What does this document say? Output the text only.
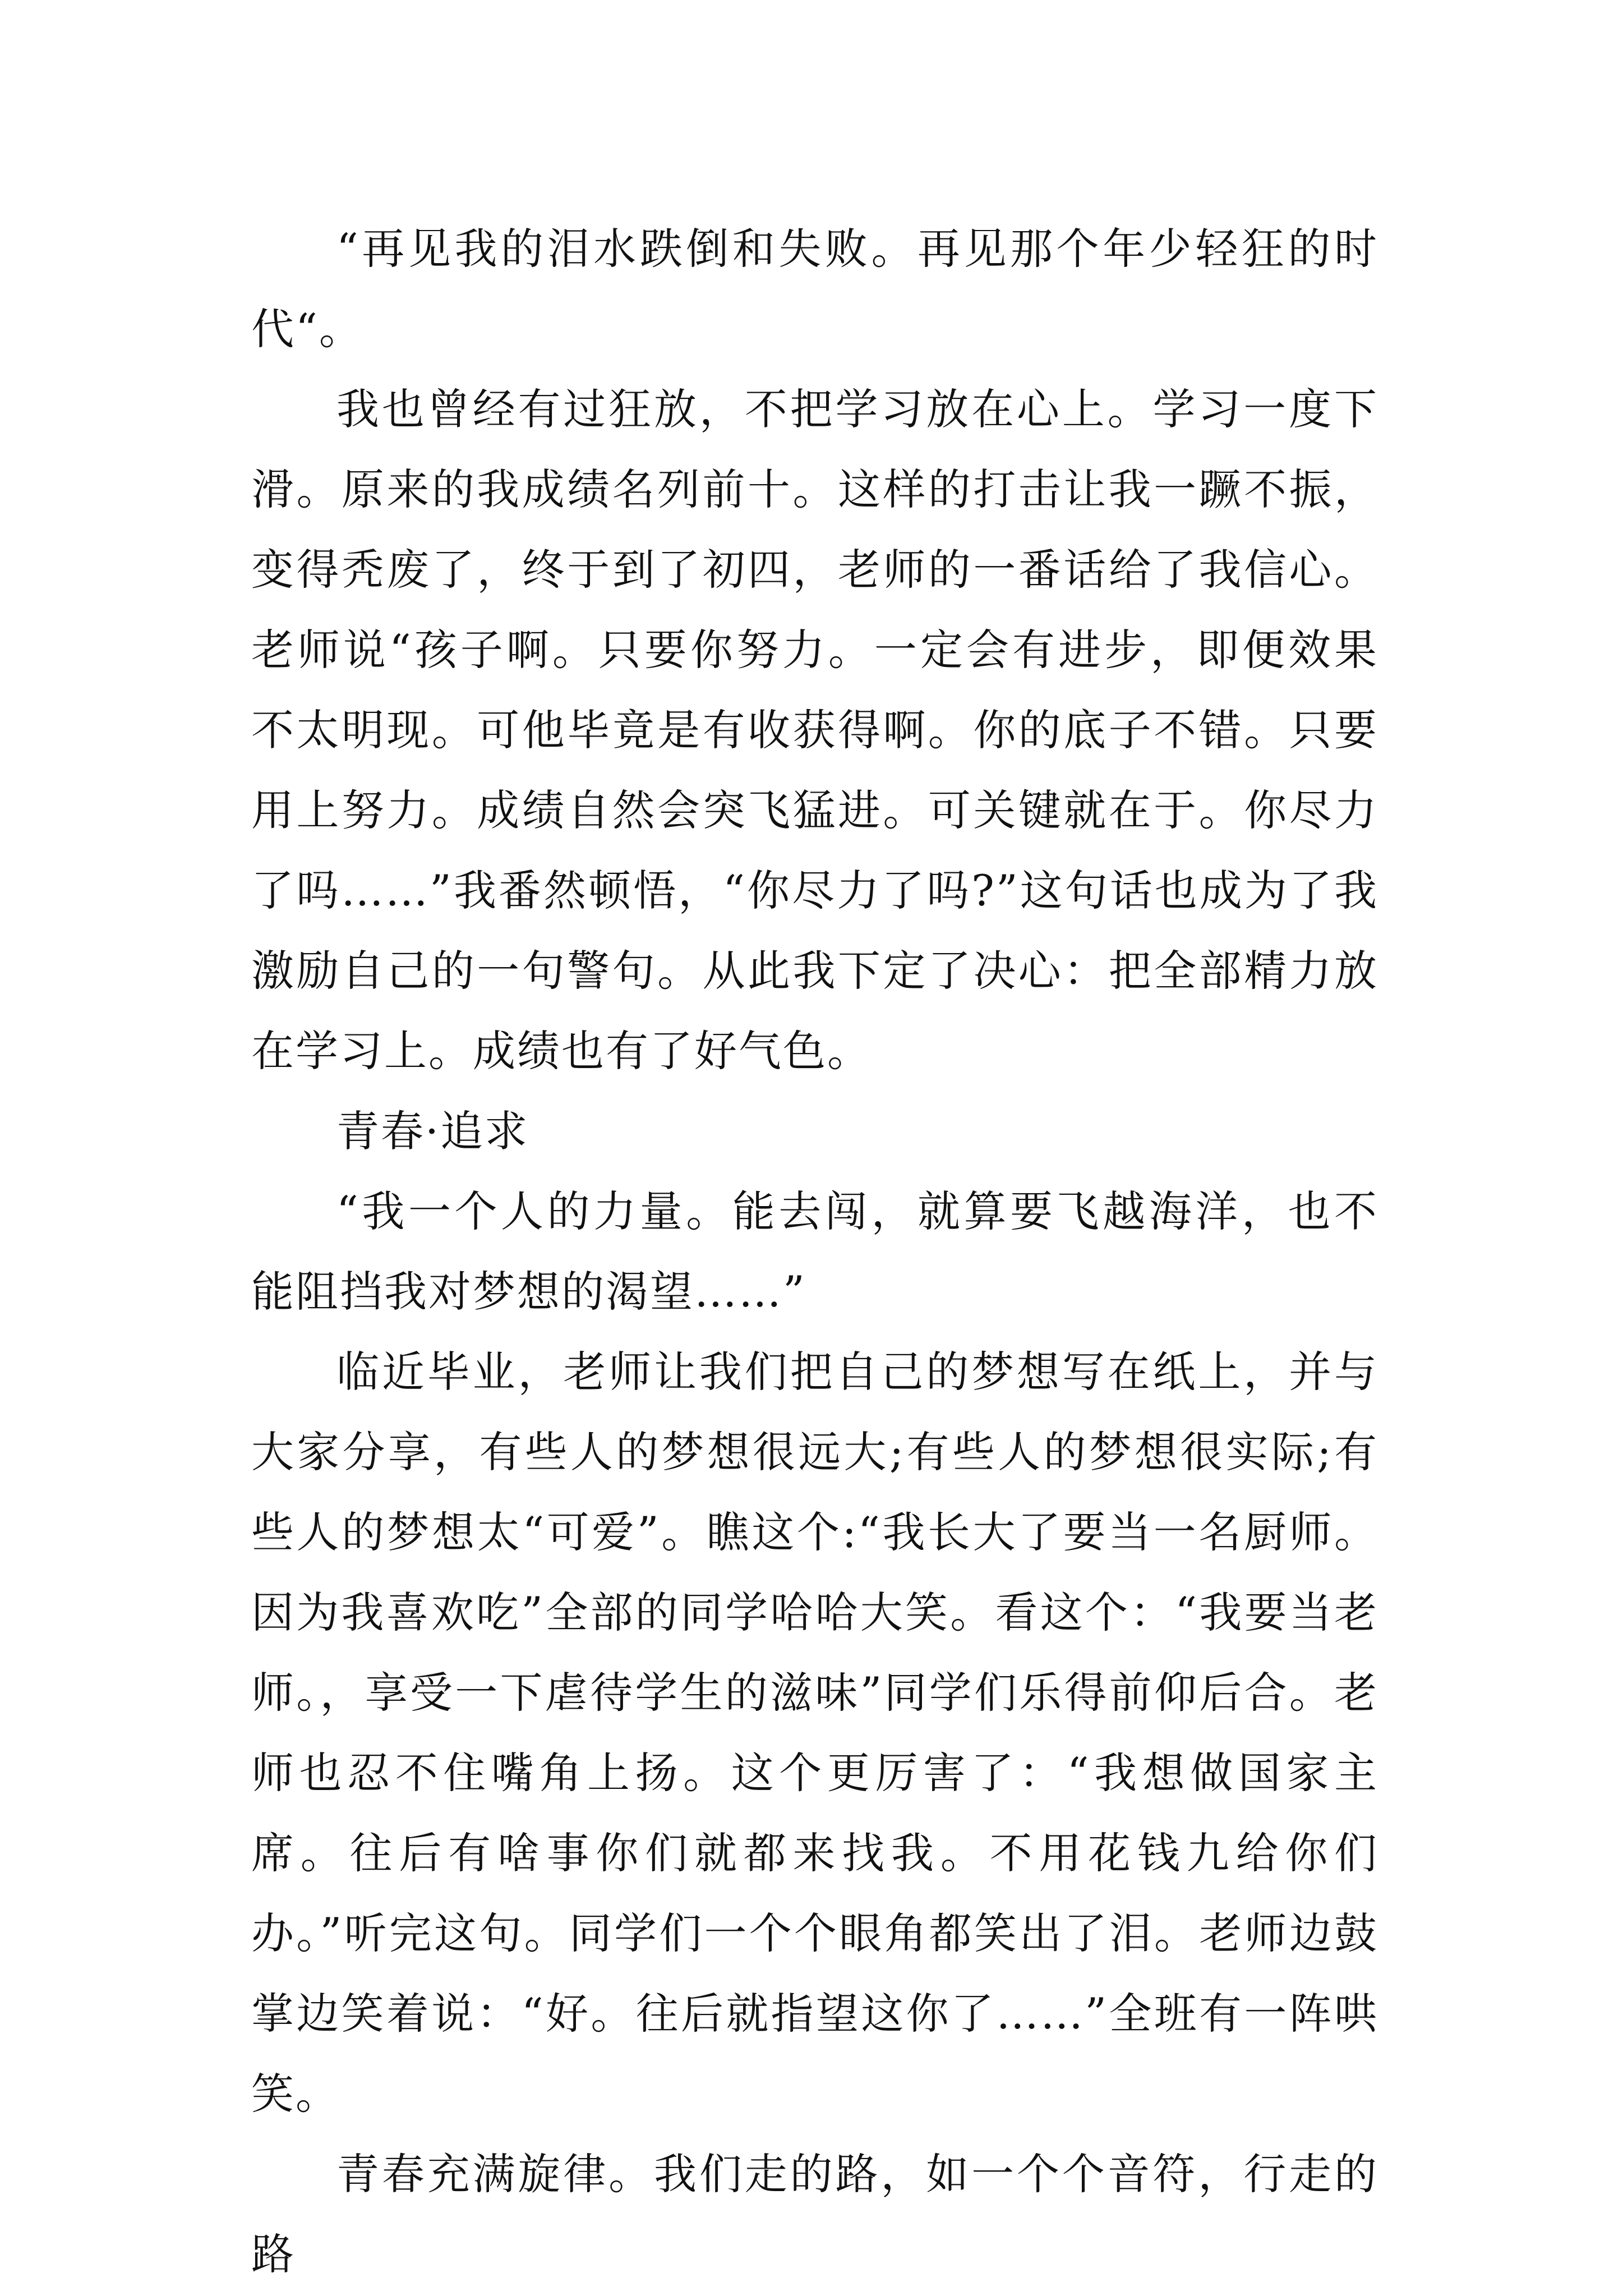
“再见我的泪水跌倒和失败。再见那个年少轻狂的时代“。

我也曾经有过狂放，不把学习放在心上。学习一度下滑。原来的我成绩名列前十。这样的打击让我一蹶不振，变得秃废了，终于到了初四，老师的一番话给了我信心。老师说“孩子啊。只要你努力。一定会有进步，即便效果不太明现。可他毕竟是有收获得啊。你的底子不错。只要用上努力。成绩自然会突飞猛进。可关键就在于。你尽力了吗……”我番然顿悟，“你尽力了吗?”这句话也成为了我激励自己的一句警句。从此我下定了决心：把全部精力放在学习上。成绩也有了好气色。

青春·追求

“我一个人的力量。能去闯，就算要飞越海洋，也不能阻挡我对梦想的渴望……”

临近毕业，老师让我们把自己的梦想写在纸上，并与大家分享，有些人的梦想很远大;有些人的梦想很实际;有些人的梦想太“可爱”。瞧这个:“我长大了要当一名厨师。因为我喜欢吃”全部的同学哈哈大笑。看这个：“我要当老师。，享受一下虐待学生的滋味”同学们乐得前仰后合。老师也忍不住嘴角上扬。这个更厉害了：“我想做国家主席。往后有啥事你们就都来找我。不用花钱九给你们办。”听完这句。同学们一个个眼角都笑出了泪。老师边鼓掌边笑着说：“好。往后就指望这你了……”全班有一阵哄笑。

青春充满旋律。我们走的路，如一个个音符，行走的路
